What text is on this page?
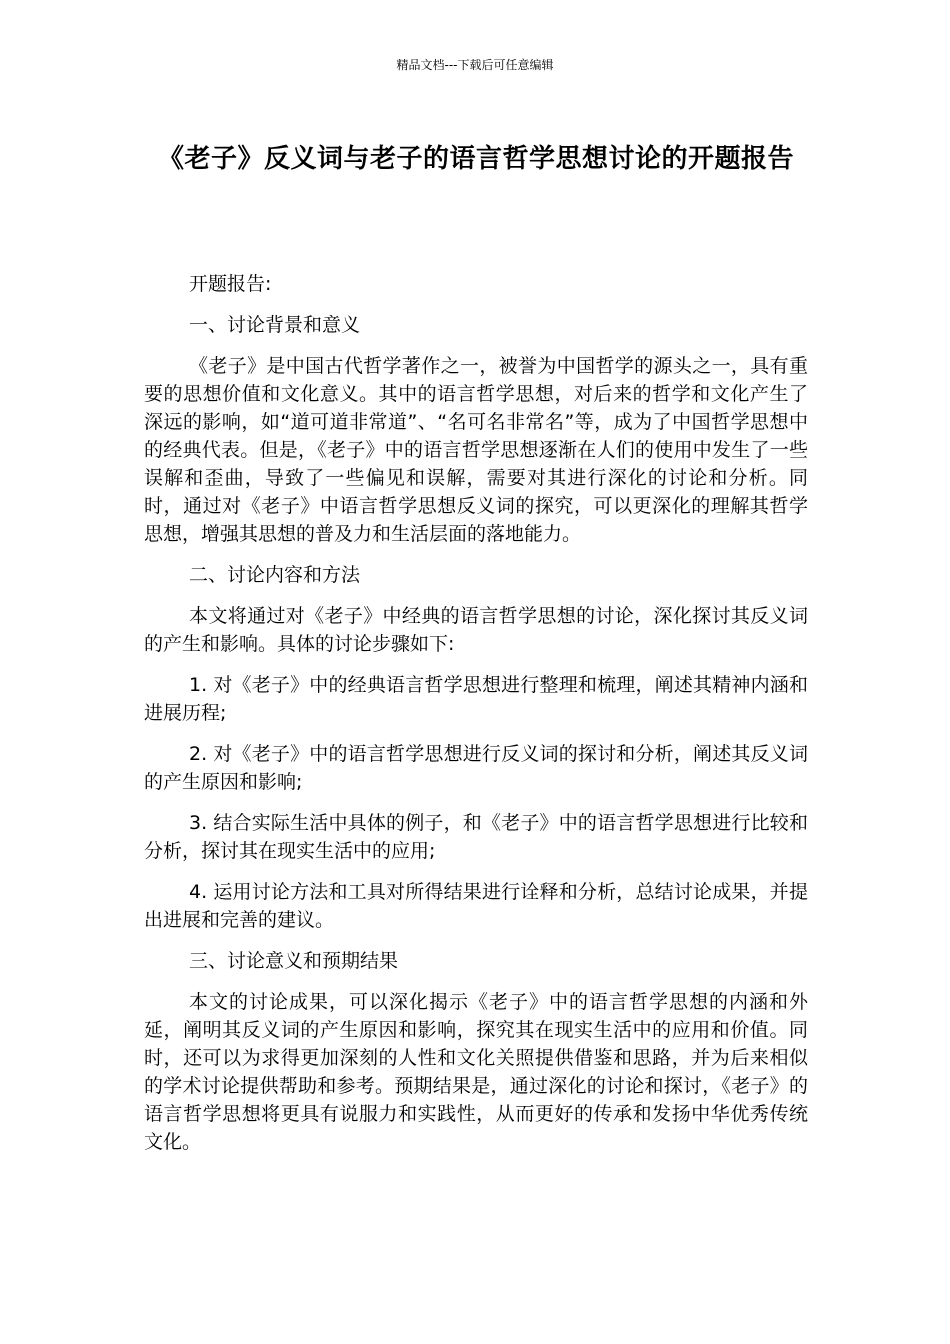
精品文档---下载后可任意编辑
《老子》反义词与老子的语言哲学思想讨论的开题报告

开题报告:

一、讨论背景和意义

《老子》是中国古代哲学著作之一，被誉为中国哲学的源头之一，具有重要的思想价值和文化意义。其中的语言哲学思想，对后来的哲学和文化产生了深远的影响，如“道可道非常道”、“名可名非常名”等，成为了中国哲学思想中的经典代表。但是，《老子》中的语言哲学思想逐渐在人们的使用中发生了一些误解和歪曲，导致了一些偏见和误解，需要对其进行深化的讨论和分析。同时，通过对《老子》中语言哲学思想反义词的探究，可以更深化的理解其哲学思想，增强其思想的普及力和生活层面的落地能力。

二、讨论内容和方法

本文将通过对《老子》中经典的语言哲学思想的讨论，深化探讨其反义词的产生和影响。具体的讨论步骤如下:

1. 对《老子》中的经典语言哲学思想进行整理和梳理，阐述其精神内涵和进展历程;

2. 对《老子》中的语言哲学思想进行反义词的探讨和分析，阐述其反义词的产生原因和影响;

3. 结合实际生活中具体的例子，和《老子》中的语言哲学思想进行比较和分析，探讨其在现实生活中的应用;

4. 运用讨论方法和工具对所得结果进行诠释和分析，总结讨论成果，并提出进展和完善的建议。

三、讨论意义和预期结果

本文的讨论成果，可以深化揭示《老子》中的语言哲学思想的内涵和外延，阐明其反义词的产生原因和影响，探究其在现实生活中的应用和价值。同时，还可以为求得更加深刻的人性和文化关照提供借鉴和思路，并为后来相似的学术讨论提供帮助和参考。预期结果是，通过深化的讨论和探讨，《老子》的语言哲学思想将更具有说服力和实践性，从而更好的传承和发扬中华优秀传统文化。
